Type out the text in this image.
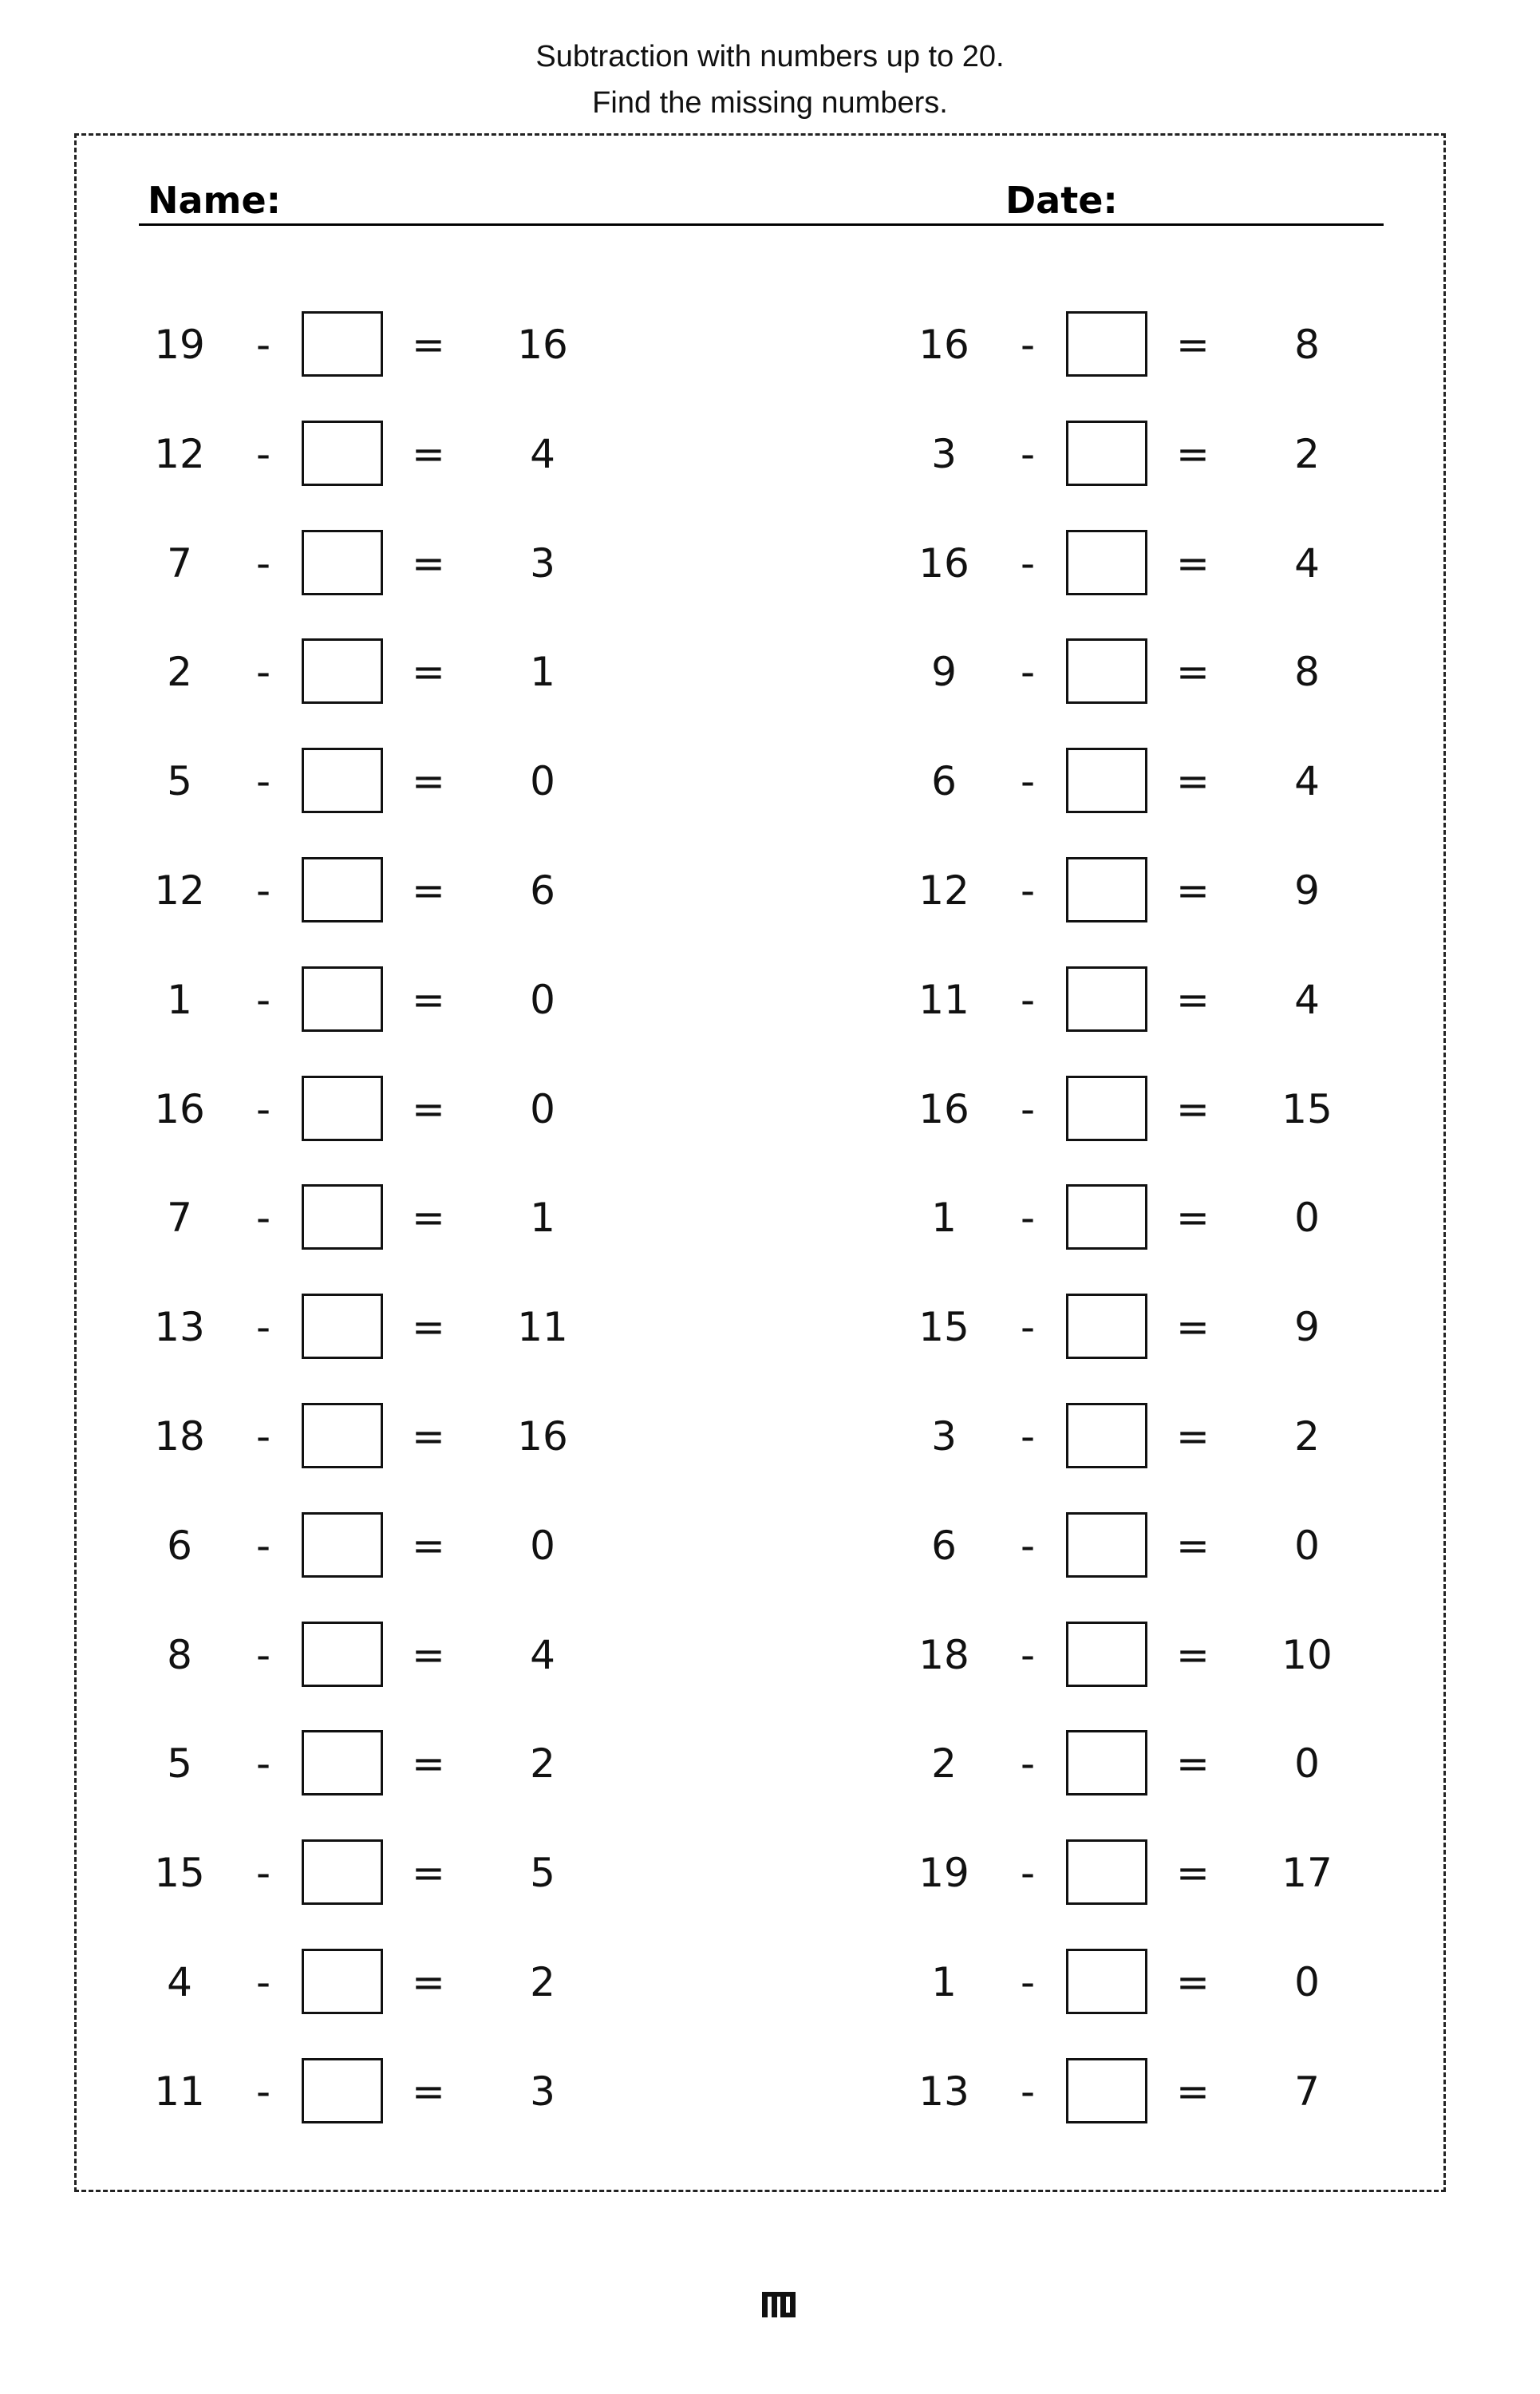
Subtraction with numbers up to 20.
Find the missing numbers.
Name:	Date:
19 -	=	16
12 -	=	4
7	-	=	3
2	-	=	1
5	-	=	0
12 -	=	6
1	-	=	0
16 -	=	0
7	-	=	1
13 -	=	11
18 -	=	16
6	-	=	0
8	-	=	4
5	-	=	2
15 -	=	5
4	-	=	2
11 -	=	3
16 -	=	8
3	-	=	2
16 -	=	4
9	-	=	8
6	-	=	4
12 -	=	9
11 -	=	4
16 -	=	15
1	-	=	0
15 -	=	9
3	-	=	2
6	-	=	0
18 -	=	10
2	-	=	0
19 -	=	17
1	-	=	0
13 -	=	7
